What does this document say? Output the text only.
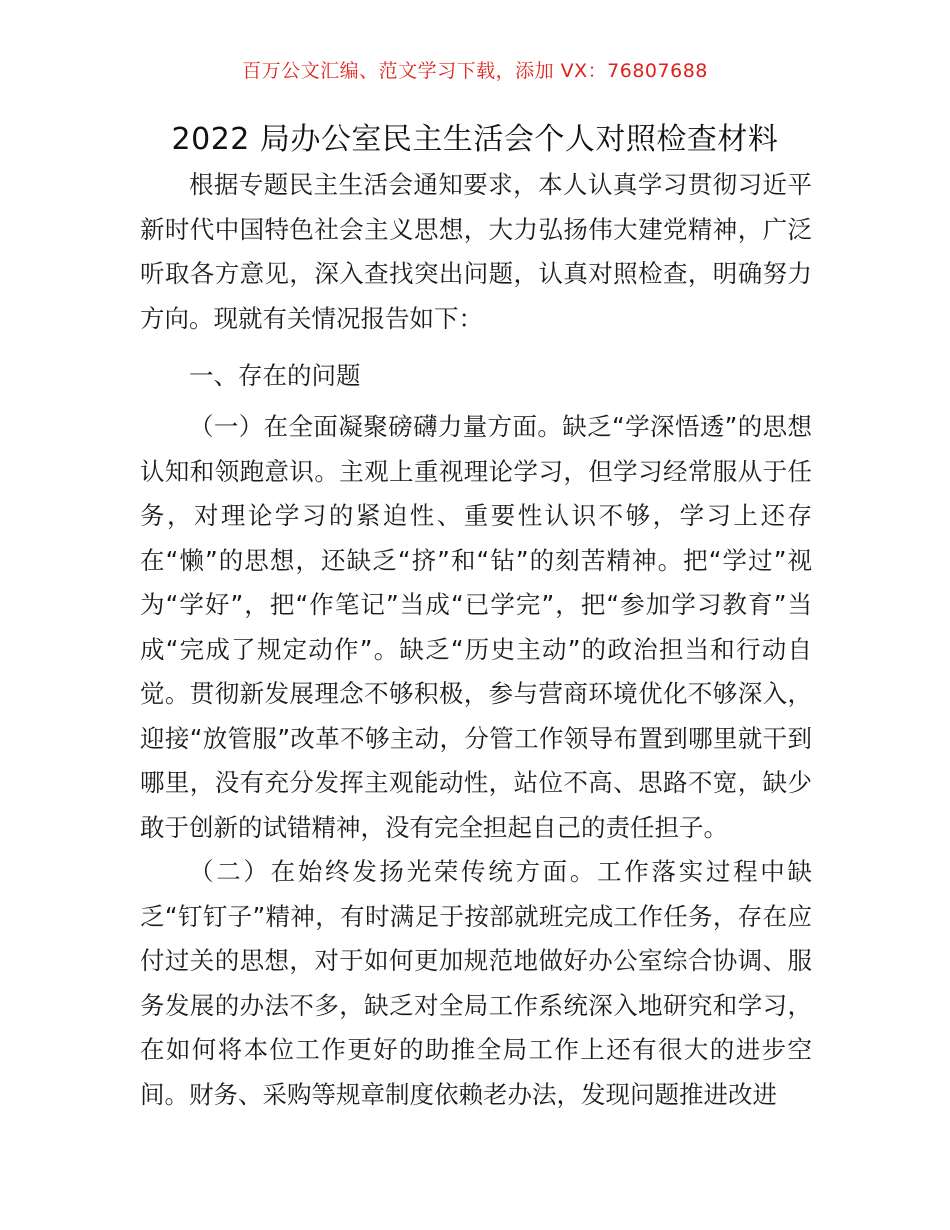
百万公文汇编、范文学习下载，添加 VX：76807688
2022 局办公室民主生活会个人对照检查材料

根据专题民主生活会通知要求，本人认真学习贯彻习近平新时代中国特色社会主义思想，大力弘扬伟大建党精神，广泛听取各方意见，深入查找突出问题，认真对照检查，明确努力方向。现就有关情况报告如下：

一、存在的问题

（一）在全面凝聚磅礴力量方面。缺乏“学深悟透”的思想认知和领跑意识。主观上重视理论学习，但学习经常服从于任务，对理论学习的紧迫性、重要性认识不够，学习上还存在“懒”的思想，还缺乏“挤”和“钻”的刻苦精神。把“学过”视为“学好”，把“作笔记”当成“已学完”，把“参加学习教育”当成“完成了规定动作”。缺乏“历史主动”的政治担当和行动自觉。贯彻新发展理念不够积极，参与营商环境优化不够深入，迎接“放管服”改革不够主动，分管工作领导布置到哪里就干到哪里，没有充分发挥主观能动性，站位不高、思路不宽，缺少敢于创新的试错精神，没有完全担起自己的责任担子。

（二）在始终发扬光荣传统方面。工作落实过程中缺乏“钉钉子”精神，有时满足于按部就班完成工作任务，存在应付过关的思想，对于如何更加规范地做好办公室综合协调、服务发展的办法不多，缺乏对全局工作系统深入地研究和学习，在如何将本位工作更好的助推全局工作上还有很大的进步空间。财务、采购等规章制度依赖老办法，发现问题推进改进
